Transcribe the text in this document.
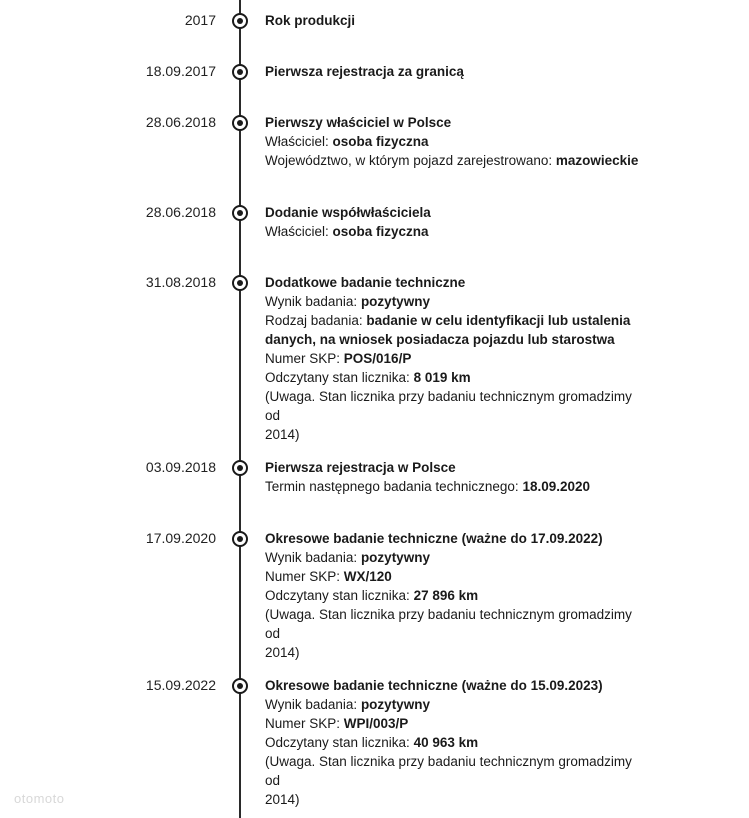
2017	Rok produkcji
18.09.2017	Pierwsza rejestracja za granicą
28.06.2018	Pierwszy właściciel w Polsce
Właściciel: osoba fizyczna
Województwo, w którym pojazd zarejestrowano: mazowieckie
28.06.2018	Dodanie współwłaściciela
Właściciel: osoba fizyczna
31.08.2018	Dodatkowe badanie techniczne
Wynik badania: pozytywny
Rodzaj badania: badanie w celu identyfikacji lub ustalenia
danych, na wniosek posiadacza pojazdu lub starostwa
Numer SKP: POS/016/P
Odczytany stan licznika: 8 019 km
(Uwaga. Stan licznika przy badaniu technicznym gromadzimy od
2014)
03.09.2018	Pierwsza rejestracja w Polsce
Termin następnego badania technicznego: 18.09.2020
17.09.2020	Okresowe badanie techniczne (ważne do 17.09.2022)
Wynik badania: pozytywny
Numer SKP: WX/120
Odczytany stan licznika: 27 896 km
(Uwaga. Stan licznika przy badaniu technicznym gromadzimy od
2014)
15.09.2022	Okresowe badanie techniczne (ważne do 15.09.2023)
Wynik badania: pozytywny
Numer SKP: WPI/003/P
Odczytany stan licznika: 40 963 km
(Uwaga. Stan licznika przy badaniu technicznym gromadzimy od
2014)
otomoto
